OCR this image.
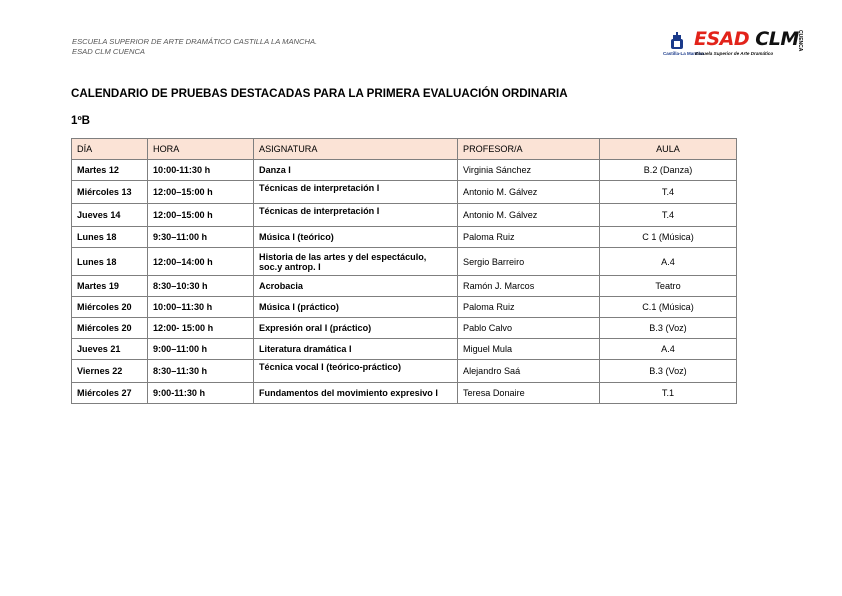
ESCUELA SUPERIOR DE ARTE DRAMÁTICO CASTILLA LA MANCHA.
ESAD CLM CUENCA	Castilla-La Mancha
ESAD CLM
Escuela Superior de Arte Dramático
CUENCA
CALENDARIO DE PRUEBAS DESTACADAS PARA LA PRIMERA EVALUACIÓN ORDINARIA
1ºB
DÍA	HORA	ASIGNATURA	PROFESOR/A	AULA
Martes 12	10:00-11:30 h	Danza I	Virginia Sánchez	B.2 (Danza)
Miércoles 13	12:00–15:00 h	Técnicas de interpretación I	Antonio M. Gálvez	T.4
Jueves 14	12:00–15:00 h	Técnicas de interpretación I	Antonio M. Gálvez	T.4
Lunes 18	9:30–11:00 h	Música I (teórico)	Paloma Ruiz	C 1 (Música)
Lunes 18	12:00–14:00 h	Historia de las artes y del espectáculo, soc.y antrop. I	Sergio Barreiro	A.4
Martes 19	8:30–10:30 h	Acrobacia	Ramón J. Marcos	Teatro
Miércoles 20	10:00–11:30 h	Música I (práctico)	Paloma Ruiz	C.1 (Música)
Miércoles 20	12:00- 15:00 h	Expresión oral I (práctico)	Pablo Calvo	B.3 (Voz)
Jueves 21	9:00–11:00 h	Literatura dramática I	Miguel Mula	A.4
Viernes 22	8:30–11:30 h	Técnica vocal I (teórico-práctico)	Alejandro Saá	B.3 (Voz)
Miércoles 27	9:00-11:30 h	Fundamentos del movimiento expresivo I	Teresa Donaire	T.1
